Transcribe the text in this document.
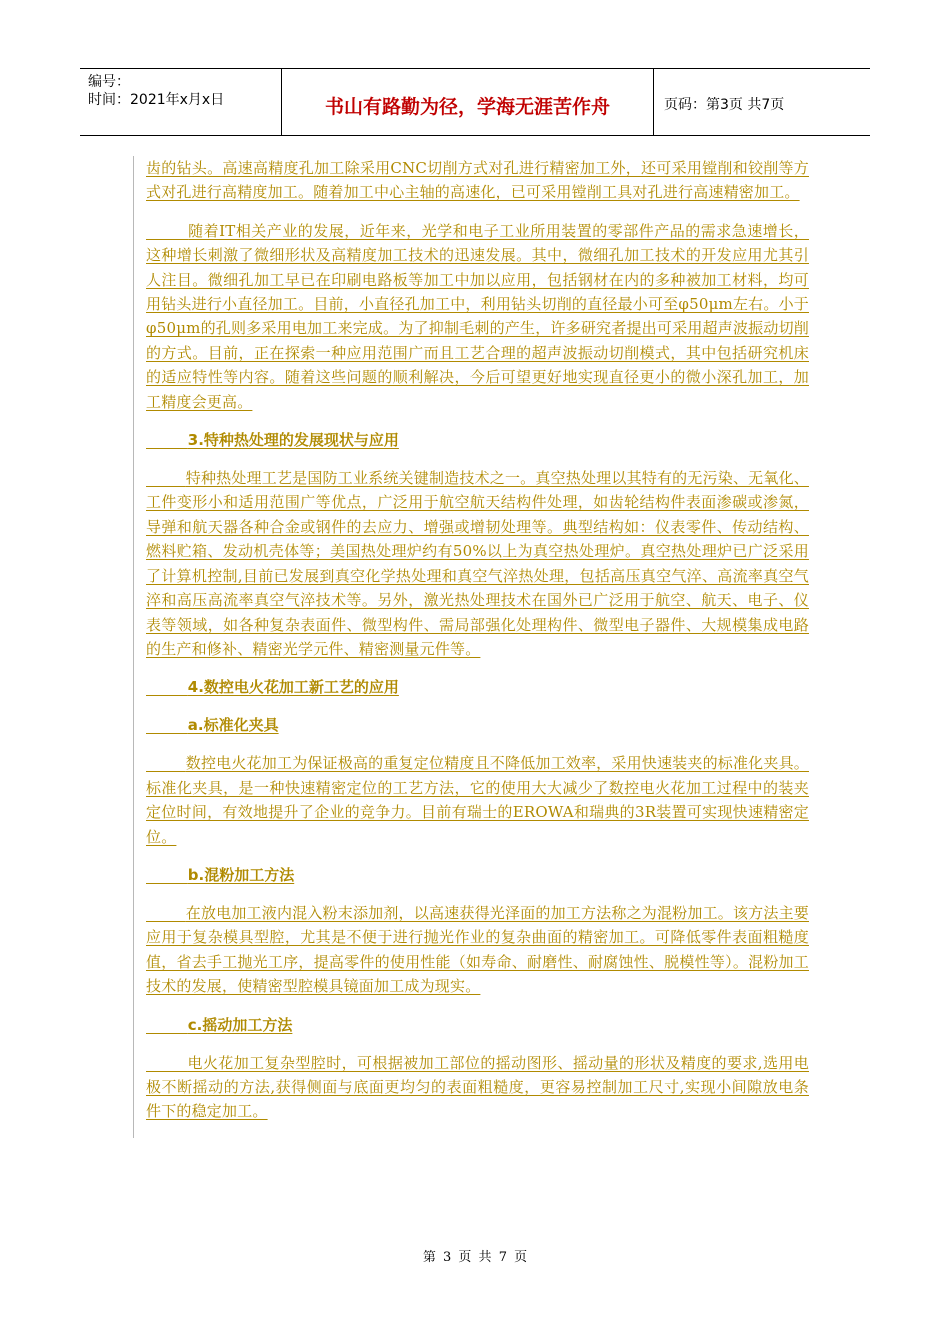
编号：
时间：2021年x月x日	书山有路勤为径，学海无涯苦作舟	页码：第3页 共7页

齿的钻头。高速高精度孔加工除采用CNC切削方式对孔进行精密加工外，还可采用镗削和铰削等方式对孔进行高精度加工。随着加工中心主轴的高速化，已可采用镗削工具对孔进行高速精密加工。

随着IT相关产业的发展，近年来，光学和电子工业所用装置的零部件产品的需求急速增长，这种增长刺激了微细形状及高精度加工技术的迅速发展。其中，微细孔加工技术的开发应用尤其引人注目。微细孔加工早已在印刷电路板等加工中加以应用，包括钢材在内的多种被加工材料，均可用钻头进行小直径加工。目前，小直径孔加工中，利用钻头切削的直径最小可至φ50μm左右。小于φ50μm的孔则多采用电加工来完成。为了抑制毛刺的产生，许多研究者提出可采用超声波振动切削的方式。目前，正在探索一种应用范围广而且工艺合理的超声波振动切削模式，其中包括研究机床的适应特性等内容。随着这些问题的顺利解决，今后可望更好地实现直径更小的微小深孔加工，加工精度会更高。

3.特种热处理的发展现状与应用

特种热处理工艺是国防工业系统关键制造技术之一。真空热处理以其特有的无污染、无氧化、工件变形小和适用范围广等优点，广泛用于航空航天结构件处理，如齿轮结构件表面渗碳或渗氮，导弹和航天器各种合金或钢件的去应力、增强或增韧处理等。典型结构如：仪表零件、传动结构、燃料贮箱、发动机壳体等；美国热处理炉约有50%以上为真空热处理炉。真空热处理炉已广泛采用了计算机控制,目前已发展到真空化学热处理和真空气淬热处理，包括高压真空气淬、高流率真空气淬和高压高流率真空气淬技术等。另外，激光热处理技术在国外已广泛用于航空、航天、电子、仪表等领域，如各种复杂表面件、微型构件、需局部强化处理构件、微型电子器件、大规模集成电路的生产和修补、精密光学元件、精密测量元件等。

4.数控电火花加工新工艺的应用
a.标准化夹具

数控电火花加工为保证极高的重复定位精度且不降低加工效率，采用快速装夹的标准化夹具。标准化夹具，是一种快速精密定位的工艺方法，它的使用大大减少了数控电火花加工过程中的装夹定位时间，有效地提升了企业的竞争力。目前有瑞士的EROWA和瑞典的3R装置可实现快速精密定位。

b.混粉加工方法

在放电加工液内混入粉末添加剂，以高速获得光泽面的加工方法称之为混粉加工。该方法主要应用于复杂模具型腔，尤其是不便于进行抛光作业的复杂曲面的精密加工。可降低零件表面粗糙度值，省去手工抛光工序，提高零件的使用性能（如寿命、耐磨性、耐腐蚀性、脱模性等）。混粉加工技术的发展，使精密型腔模具镜面加工成为现实。

c.摇动加工方法

电火花加工复杂型腔时，可根据被加工部位的摇动图形、摇动量的形状及精度的要求,选用电极不断摇动的方法,获得侧面与底面更均匀的表面粗糙度，更容易控制加工尺寸,实现小间隙放电条件下的稳定加工。

第 3 页 共 7 页
